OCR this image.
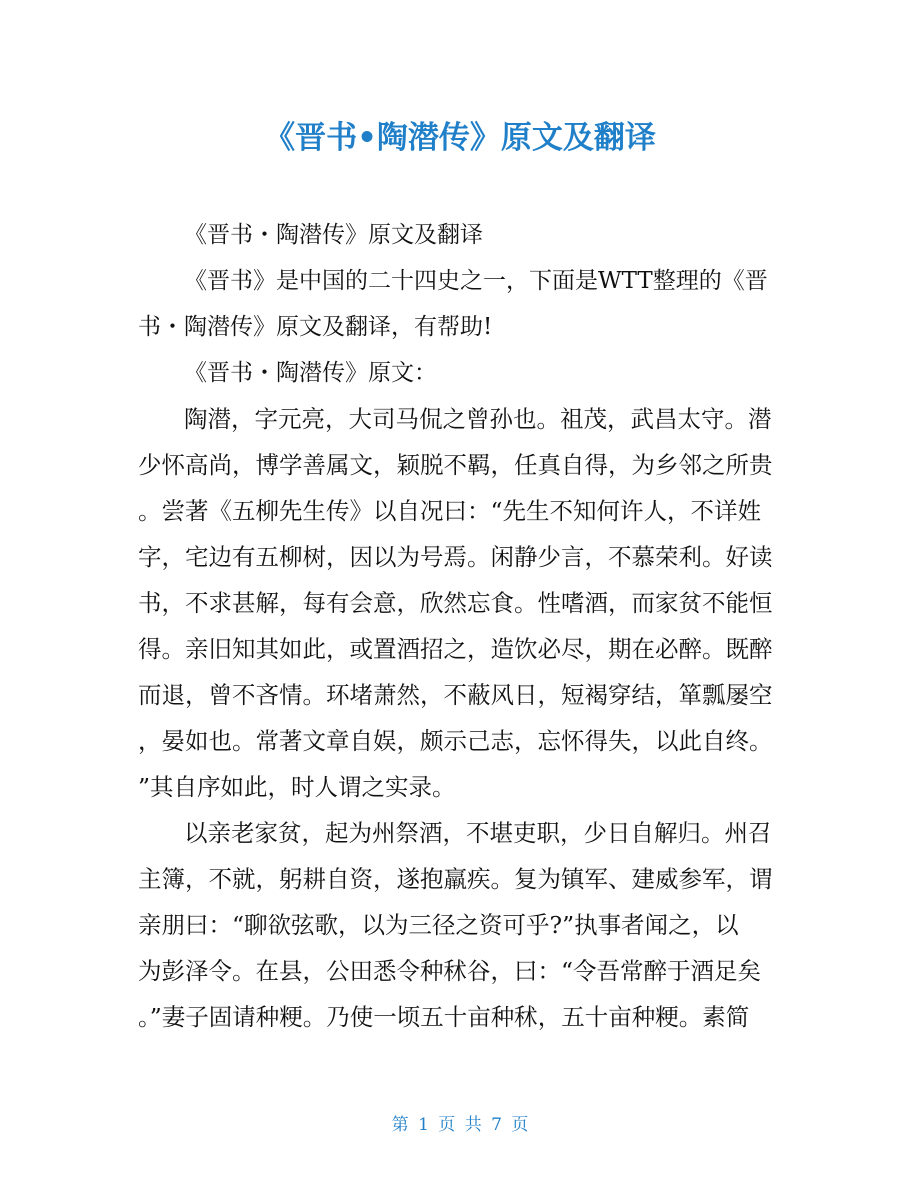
《晋书•陶潜传》原文及翻译
《晋书・陶潜传》原文及翻译
《晋书》是中国的二十四史之一，下面是WTT整理的《晋
书・陶潜传》原文及翻译，有帮助!
《晋书・陶潜传》原文：
陶潜，字元亮，大司马侃之曾孙也。祖茂，武昌太守。潜
少怀高尚，博学善属文，颖脱不羁，任真自得，为乡邻之所贵
。尝著《五柳先生传》以自况曰：“先生不知何许人，不详姓
字，宅边有五柳树，因以为号焉。闲静少言，不慕荣利。好读
书，不求甚解，每有会意，欣然忘食。性嗜酒，而家贫不能恒
得。亲旧知其如此，或置酒招之，造饮必尽，期在必醉。既醉
而退，曾不吝情。环堵萧然，不蔽风日，短褐穿结，箪瓢屡空
，晏如也。常著文章自娱，颇示己志，忘怀得失，以此自终。
”其自序如此，时人谓之实录。
以亲老家贫，起为州祭酒，不堪吏职，少日自解归。州召
主簿，不就，躬耕自资，遂抱羸疾。复为镇军、建威参军，谓
亲朋曰：“聊欲弦歌，以为三径之资可乎?”执事者闻之，以
为彭泽令。在县，公田悉令种秫谷，曰：“令吾常醉于酒足矣
。”妻子固请种粳。乃使一顷五十亩种秫，五十亩种粳。素简
第 1 页 共 7 页
